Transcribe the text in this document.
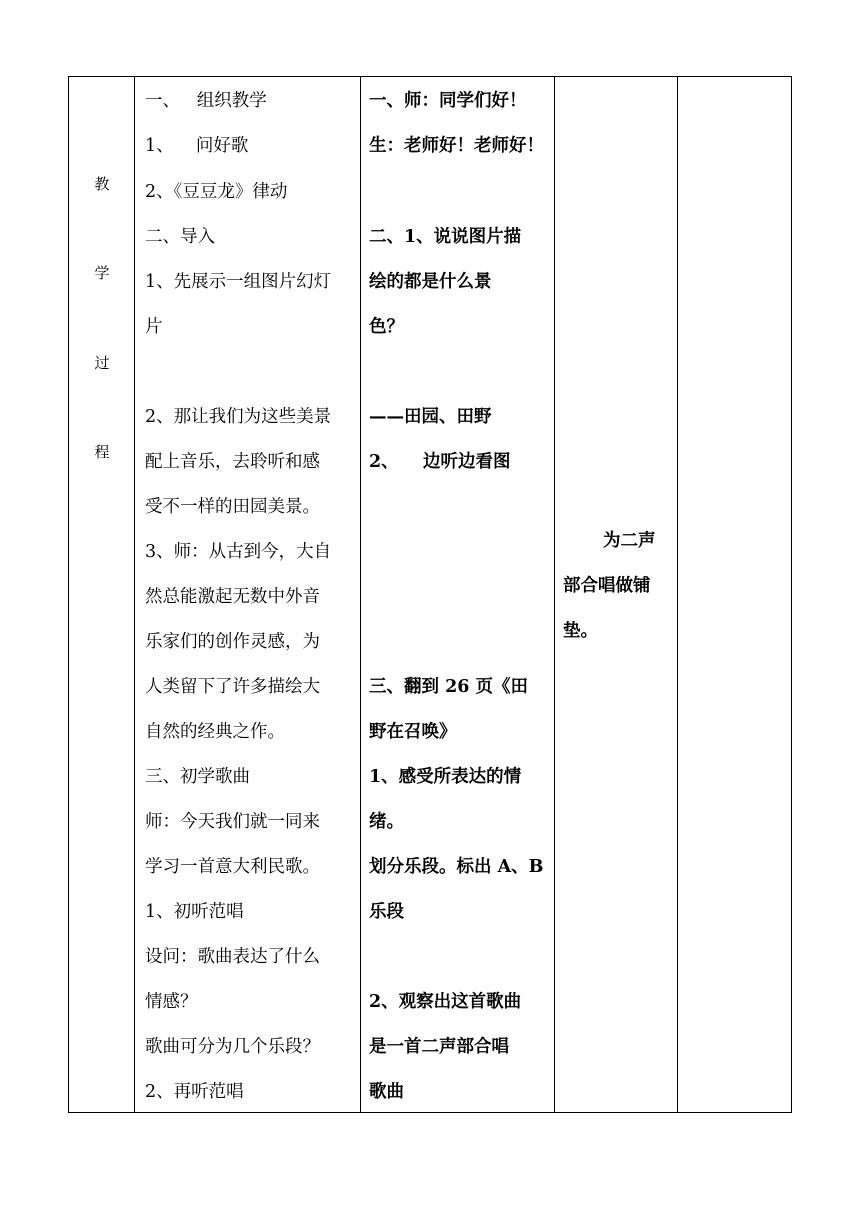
教
学
过
程
一、   组织教学
1、    问好歌
2、《豆豆龙》律动
二、导入
1、先展示一组图片幻灯
片
2、那让我们为这些美景
配上音乐，去聆听和感
受不一样的田园美景。
3、师：从古到今，大自
然总能激起无数中外音
乐家们的创作灵感，为
人类留下了许多描绘大
自然的经典之作。
三、初学歌曲
师：今天我们就一同来
学习一首意大利民歌。
1、初听范唱
设问：歌曲表达了什么
情感？
歌曲可分为几个乐段？
2、再听范唱
一、师：同学们好！
生：老师好！老师好！
二、1、说说图片描
绘的都是什么景
色？
——田园、田野
2、    边听边看图
三、翻到 26 页《田
野在召唤》
1、感受所表达的情
绪。
划分乐段。标出 A、B
乐段
2、观察出这首歌曲
是一首二声部合唱
歌曲
为二声
部合唱做铺
垫。
